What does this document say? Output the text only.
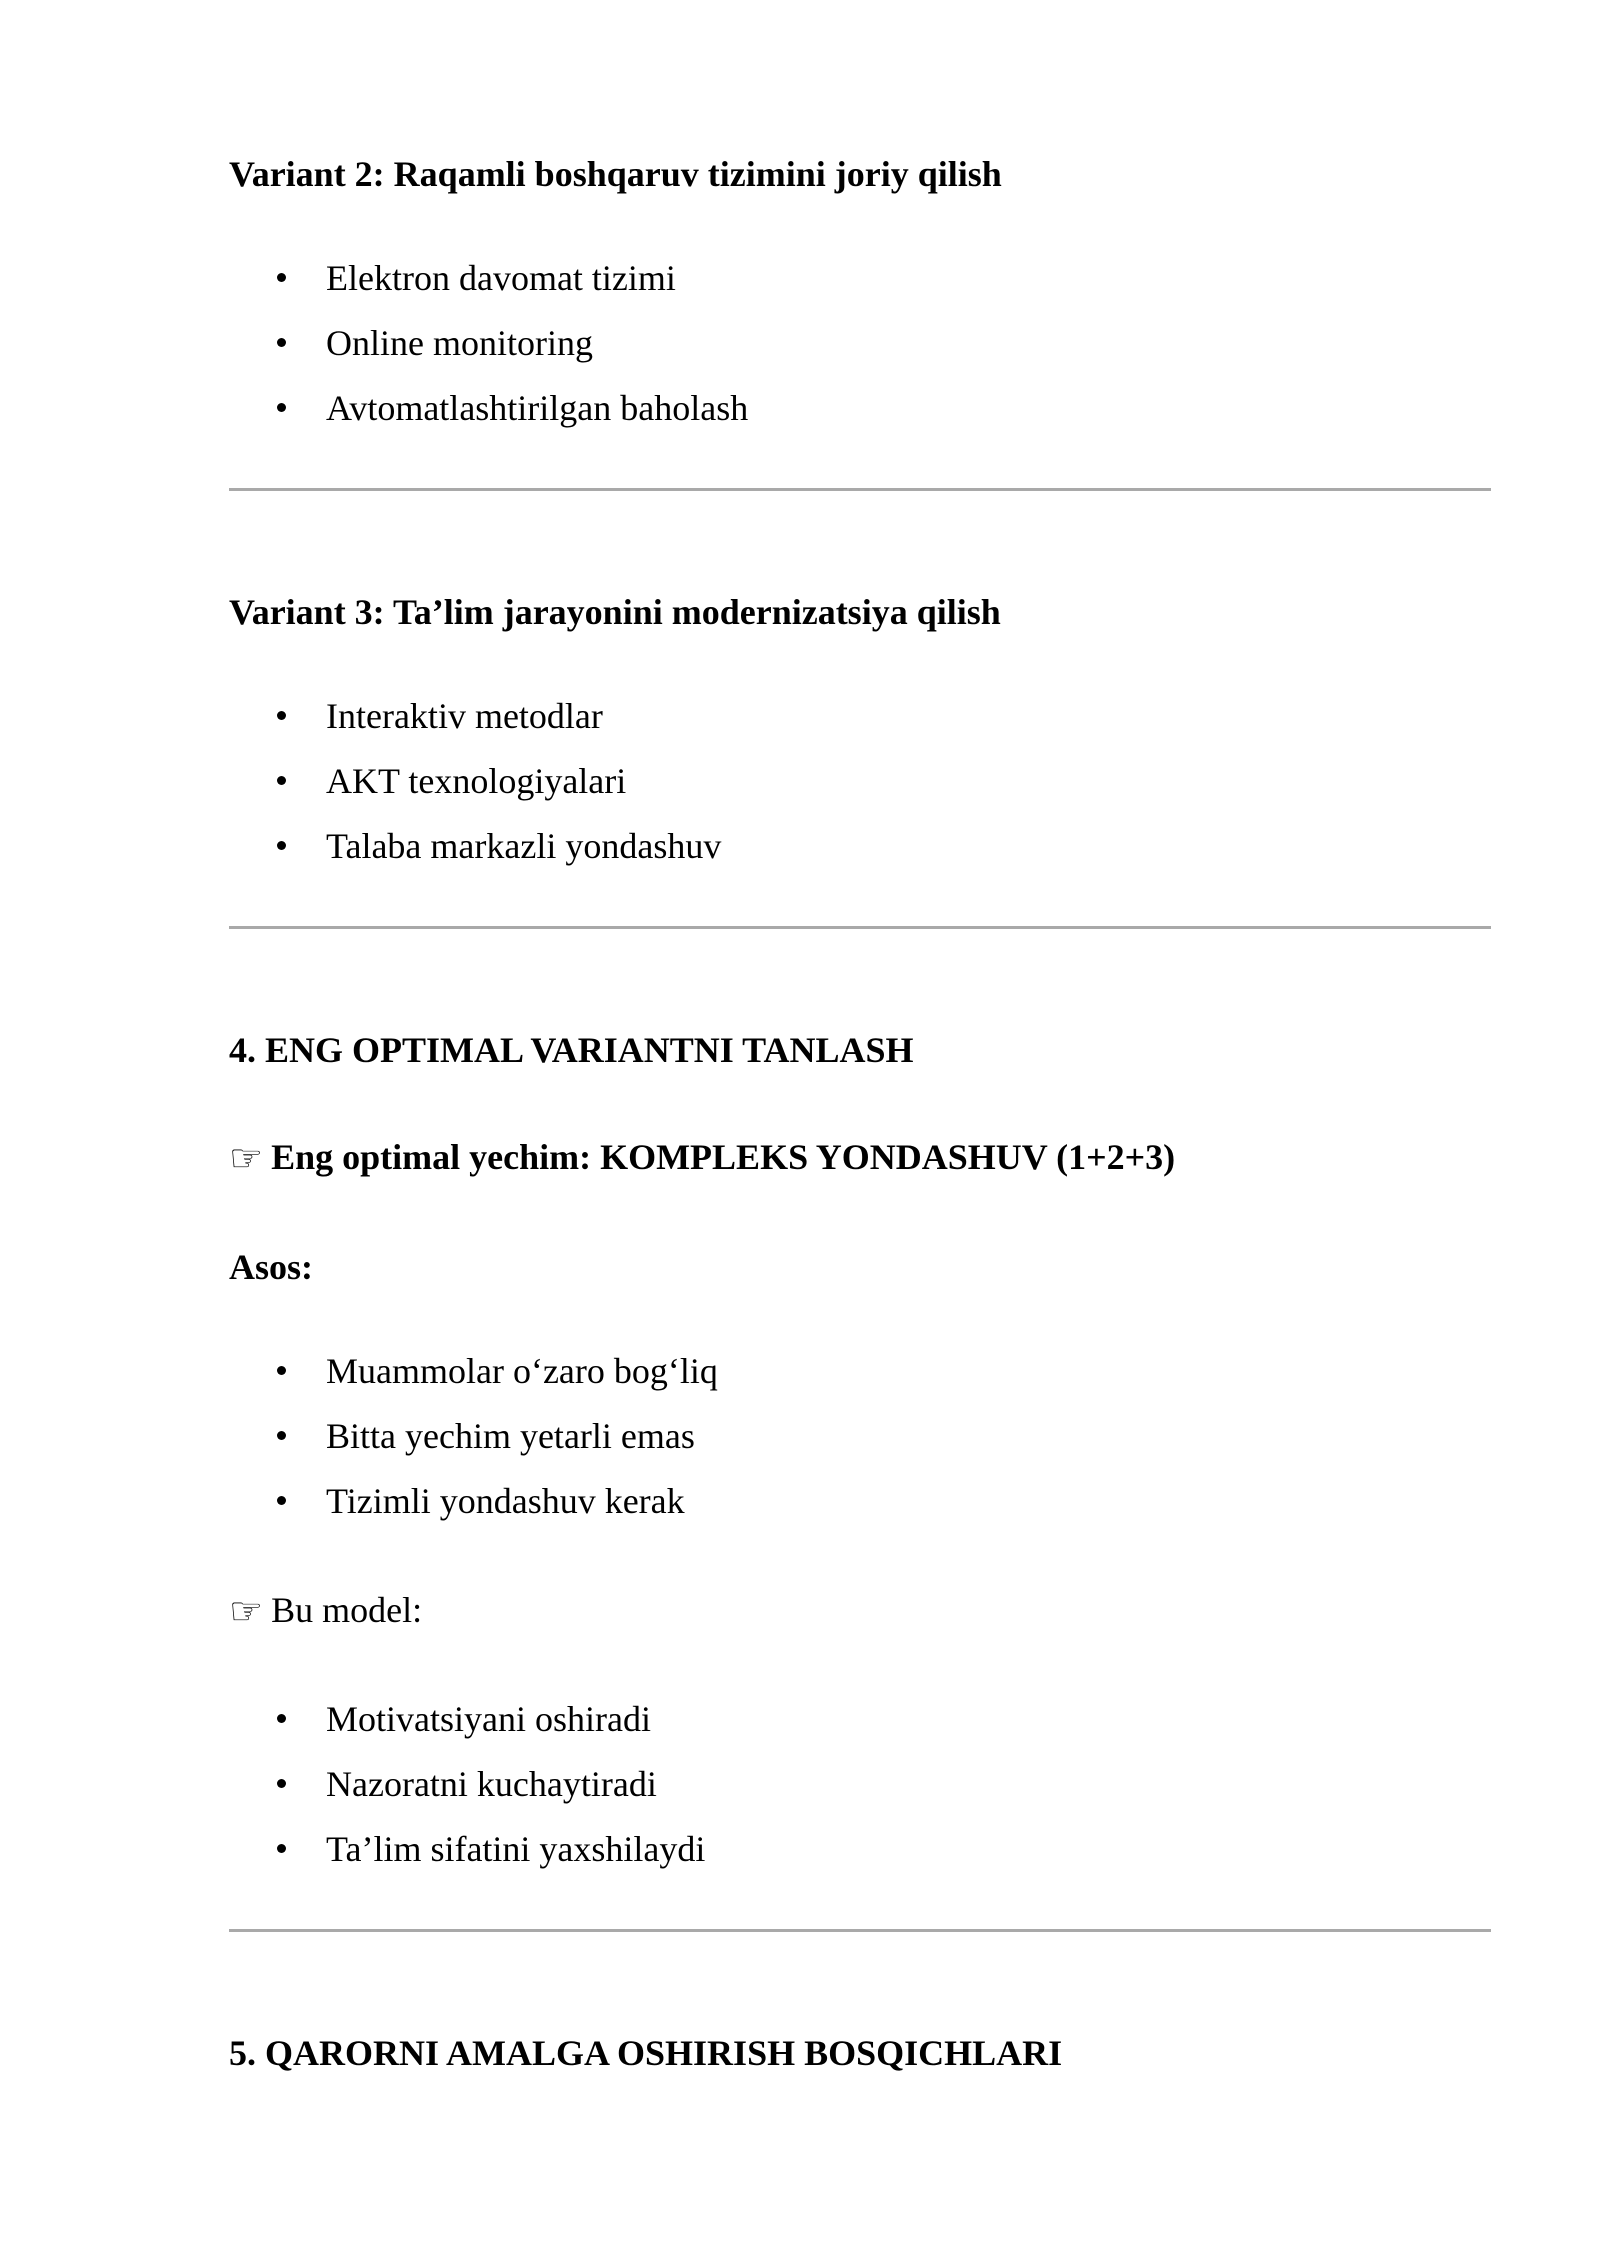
Variant 2: Raqamli boshqaruv tizimini joriy qilish
Elektron davomat tizimi
Online monitoring
Avtomatlashtirilgan baholash
Variant 3: Ta’lim jarayonini modernizatsiya qilish
Interaktiv metodlar
AKT texnologiyalari
Talaba markazli yondashuv
4. ENG OPTIMAL VARIANTNI TANLASH
☞ Eng optimal yechim: KOMPLEKS YONDASHUV (1+2+3)
Asos:
Muammolar o‘zaro bog‘liq
Bitta yechim yetarli emas
Tizimli yondashuv kerak
☞ Bu model:
Motivatsiyani oshiradi
Nazoratni kuchaytiradi
Ta’lim sifatini yaxshilaydi
5. QARORNI AMALGA OSHIRISH BOSQICHLARI
